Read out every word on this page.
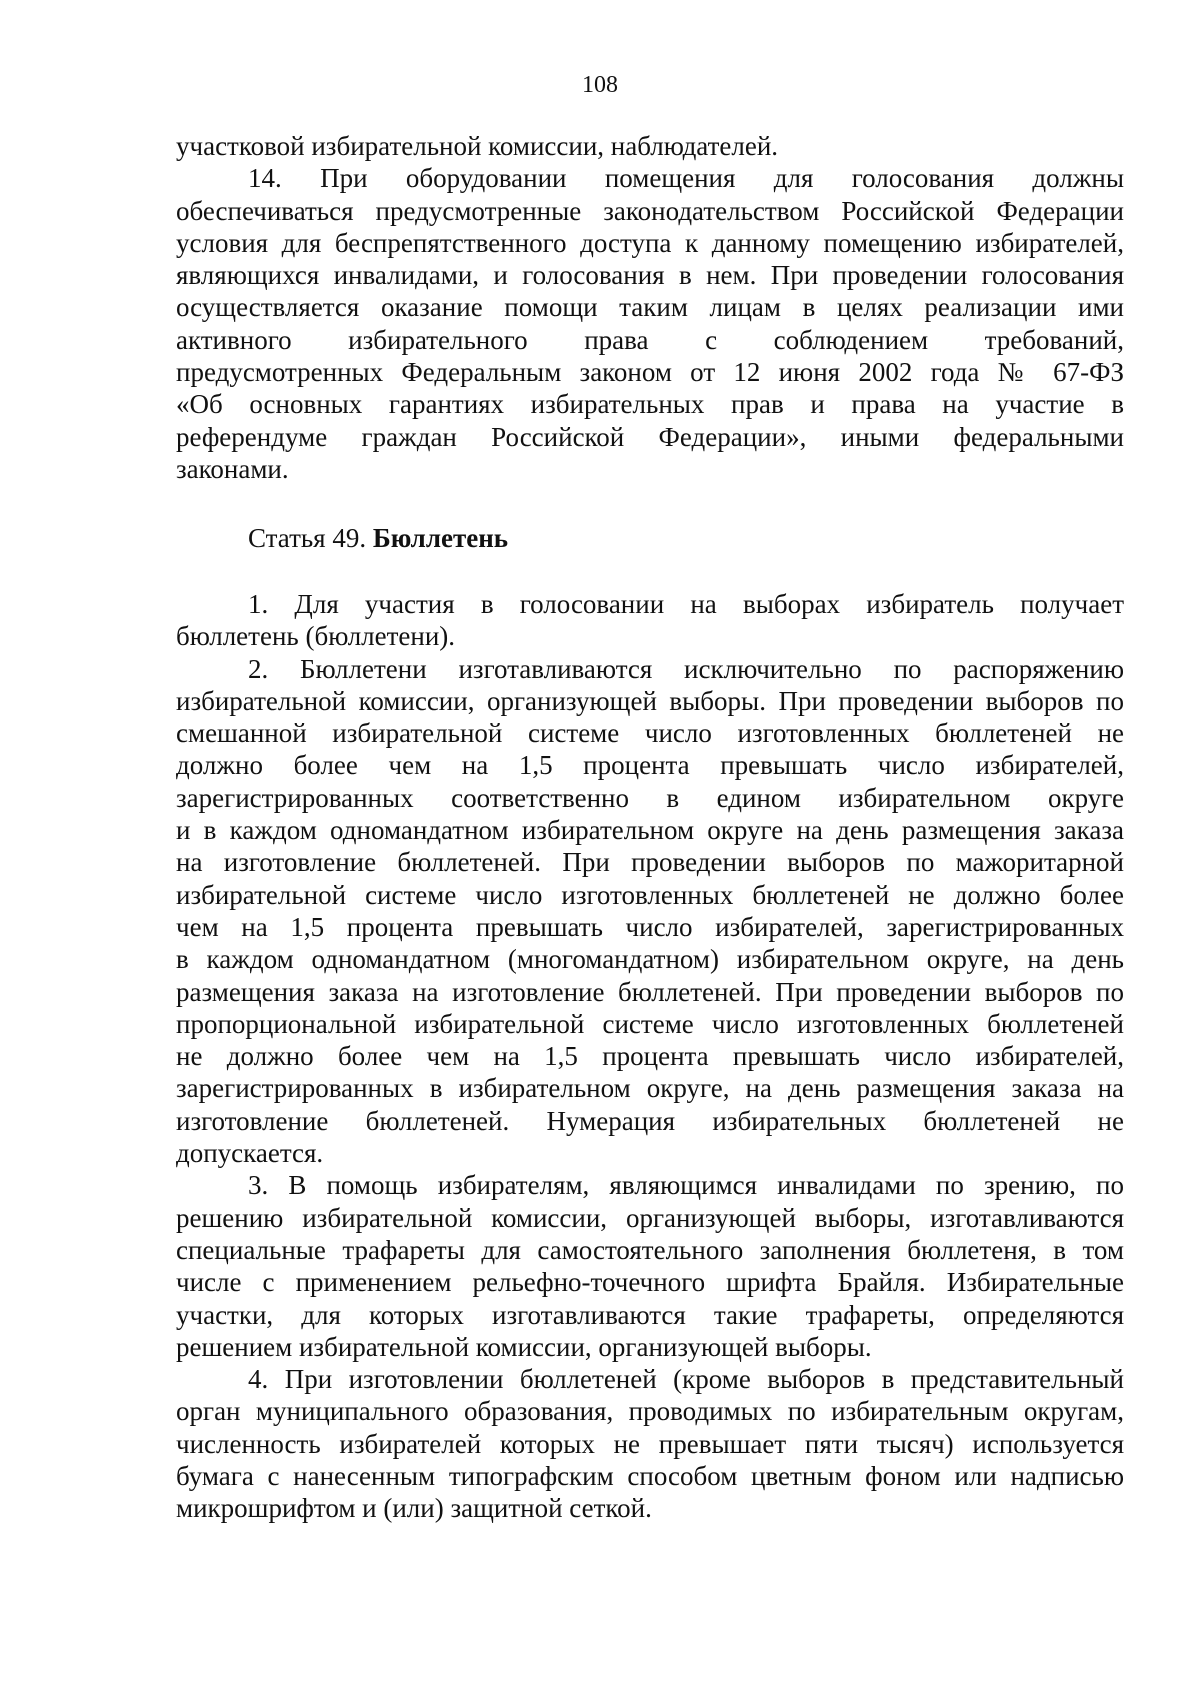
108
участковой избирательной комиссии, наблюдателей.
14. При оборудовании помещения для голосования должны
обеспечиваться предусмотренные законодательством Российской Федерации
условия для беспрепятственного доступа к данному помещению избирателей,
являющихся инвалидами, и голосования в нем. При проведении голосования
осуществляется оказание помощи таким лицам в целях реализации ими
активного избирательного права с соблюдением требований,
предусмотренных Федеральным законом от 12 июня 2002 года № 67-ФЗ
«Об основных гарантиях избирательных прав и права на участие в
референдуме граждан Российской Федерации», иными федеральными
законами.
Статья 49. Бюллетень
1. Для участия в голосовании на выборах избиратель получает
бюллетень (бюллетени).
2. Бюллетени изготавливаются исключительно по распоряжению
избирательной комиссии, организующей выборы. При проведении выборов по
смешанной избирательной системе число изготовленных бюллетеней не
должно более чем на 1,5 процента превышать число избирателей,
зарегистрированных соответственно в едином избирательном округе
и в каждом одномандатном избирательном округе на день размещения заказа
на изготовление бюллетеней. При проведении выборов по мажоритарной
избирательной системе число изготовленных бюллетеней не должно более
чем на 1,5 процента превышать число избирателей, зарегистрированных
в каждом одномандатном (многомандатном) избирательном округе, на день
размещения заказа на изготовление бюллетеней. При проведении выборов по
пропорциональной избирательной системе число изготовленных бюллетеней
не должно более чем на 1,5 процента превышать число избирателей,
зарегистрированных в избирательном округе, на день размещения заказа на
изготовление бюллетеней. Нумерация избирательных бюллетеней не
допускается.
3. В помощь избирателям, являющимся инвалидами по зрению, по
решению избирательной комиссии, организующей выборы, изготавливаются
специальные трафареты для самостоятельного заполнения бюллетеня, в том
числе с применением рельефно-точечного шрифта Брайля. Избирательные
участки, для которых изготавливаются такие трафареты, определяются
решением избирательной комиссии, организующей выборы.
4. При изготовлении бюллетеней (кроме выборов в представительный
орган муниципального образования, проводимых по избирательным округам,
численность избирателей которых не превышает пяти тысяч) используется
бумага с нанесенным типографским способом цветным фоном или надписью
микрошрифтом и (или) защитной сеткой.
